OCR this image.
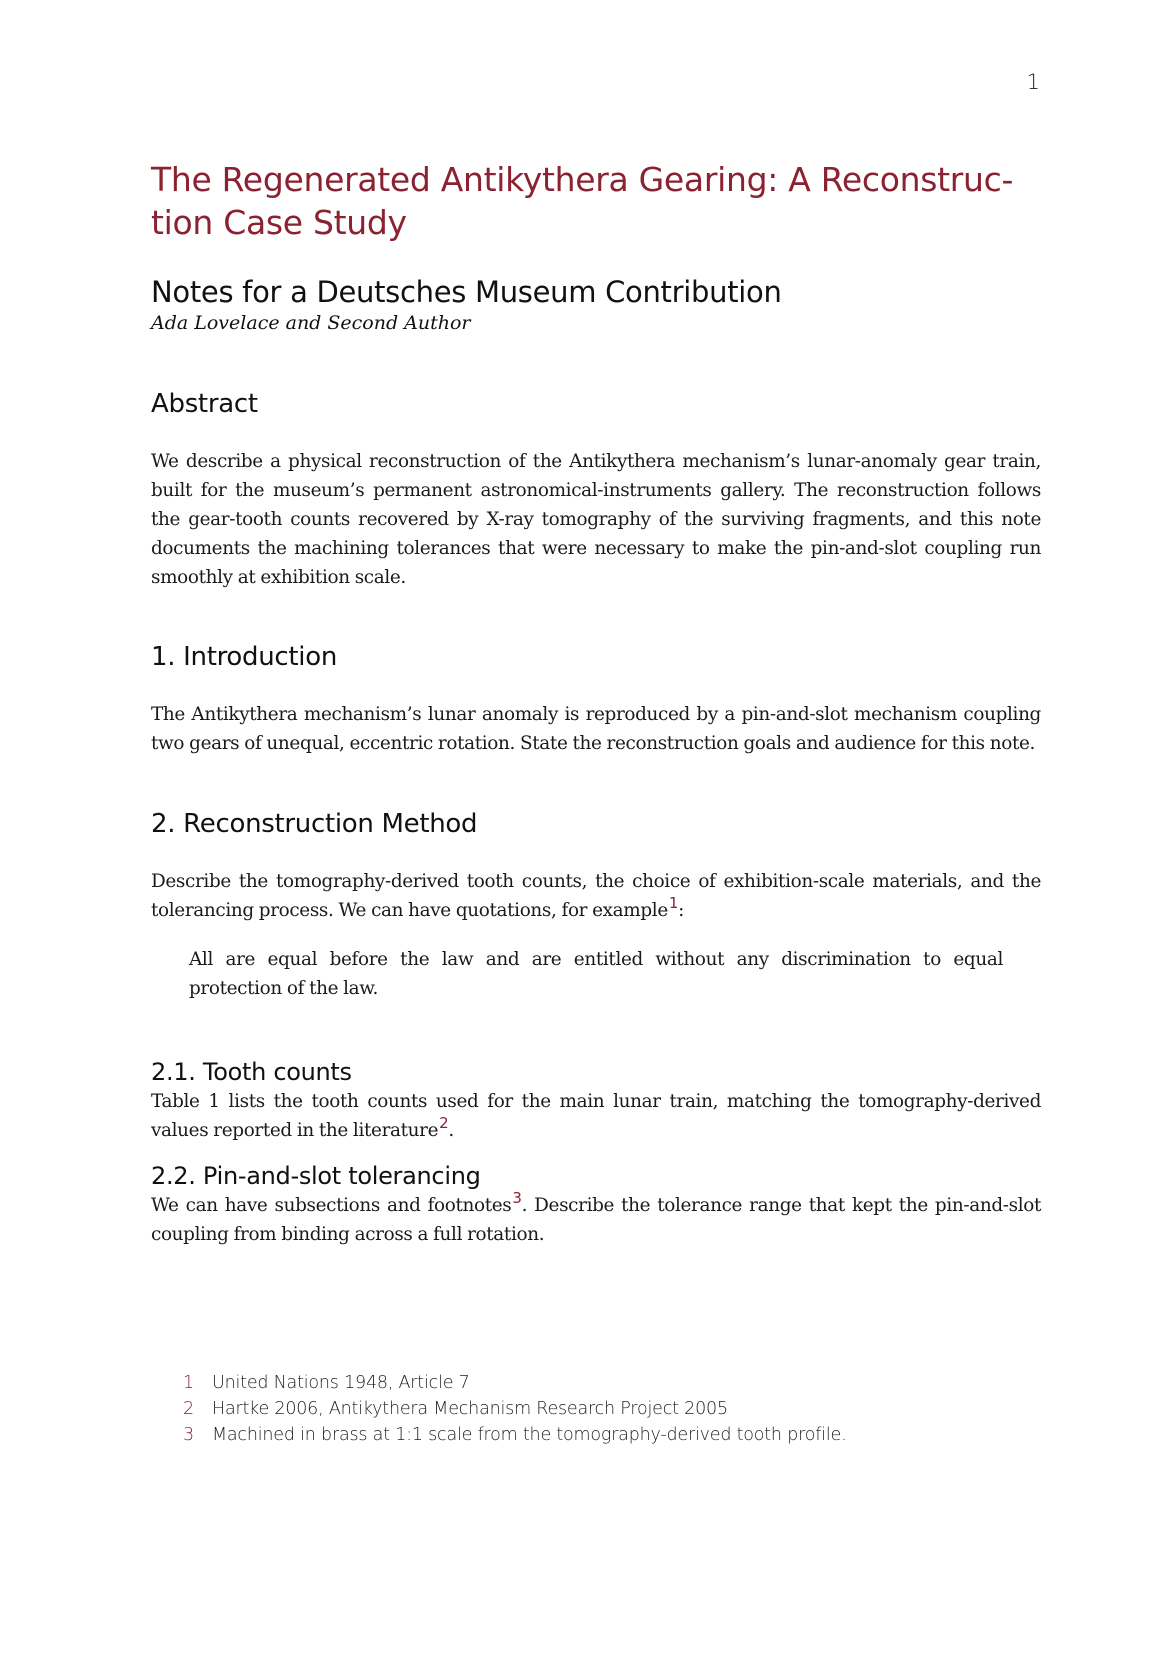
1
The Regenerated Antikythera Gearing: A Reconstruc-
tion Case Study
Notes for a Deutsches Museum Contribution
Ada Lovelace and Second Author
Abstract

We describe a physical reconstruction of the Antikythera mechanism’s lunar-anomaly gear train, built for the museum’s permanent astronomical-instruments gallery. The reconstruction follows the gear-tooth counts recovered by X-ray tomography of the surviving fragments, and this note documents the machining tolerances that were necessary to make the pin-and-slot coupling run smoothly at exhibition scale.

1. Introduction

The Antikythera mechanism’s lunar anomaly is reproduced by a pin-and-slot mechanism coupling two gears of unequal, eccentric rotation. State the reconstruction goals and audience for this note.

2. Reconstruction Method

Describe the tomography-derived tooth counts, the choice of exhibition-scale materials, and the tolerancing process. We can have quotations, for example$^1$:

All are equal before the law and are entitled without any discrimination to equal protection of the law.

2.1. Tooth counts

Table 1 lists the tooth counts used for the main lunar train, matching the tomography-derived values reported in the literature$^2$.

2.2. Pin-and-slot tolerancing

We can have subsections and footnotes$^3$. Describe the tolerance range that kept the pin-and-slot coupling from binding across a full rotation.

1	United Nations 1948, Article 7
2	Hartke 2006, Antikythera Mechanism Research Project 2005
3	Machined in brass at 1:1 scale from the tomography-derived tooth profile.
